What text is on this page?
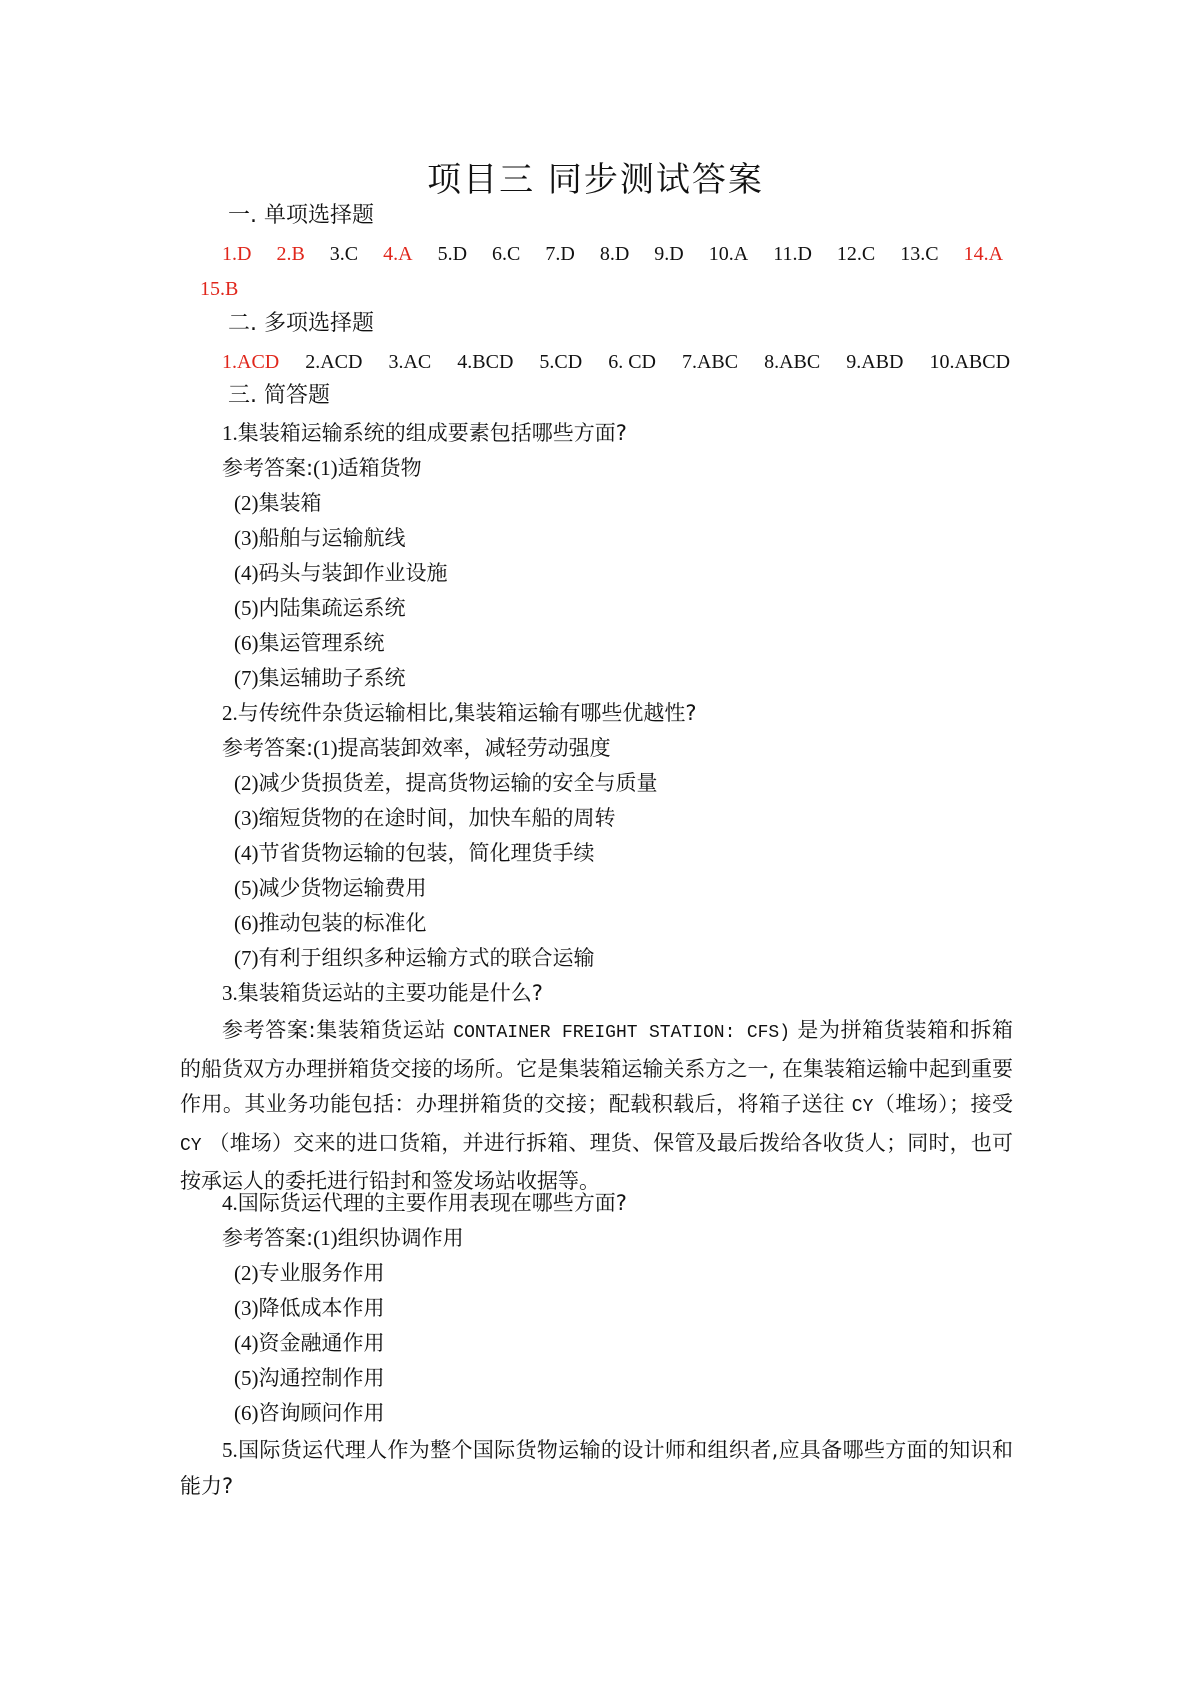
项目三 同步测试答案
一. 单项选择题
1.D 2.B 3.C 4.A 5.D 6.C 7.D 8.D 9.D 10.A 11.D 12.C 13.C 14.A
15.B
二. 多项选择题
1.ACD 2.ACD 3.AC 4.BCD 5.CD 6. CD 7.ABC 8.ABC 9.ABD 10.ABCD
三. 简答题
1.集装箱运输系统的组成要素包括哪些方面?
参考答案:(1)适箱货物
(2)集装箱
(3)船舶与运输航线
(4)码头与装卸作业设施
(5)内陆集疏运系统
(6)集运管理系统
(7)集运辅助子系统
2.与传统件杂货运输相比,集装箱运输有哪些优越性?
参考答案:(1)提高装卸效率，减轻劳动强度
(2)减少货损货差，提高货物运输的安全与质量
(3)缩短货物的在途时间，加快车船的周转
(4)节省货物运输的包装，简化理货手续
(5)减少货物运输费用
(6)推动包装的标准化
(7)有利于组织多种运输方式的联合运输
3.集装箱货运站的主要功能是什么?
参考答案:集装箱货运站 CONTAINER FREIGHT STATION: CFS) 是为拼箱货装箱和拆箱的船货双方办理拼箱货交接的场所。它是集装箱运输关系方之一, 在集装箱运输中起到重要作用。其业务功能包括：办理拼箱货的交接；配载积载后，将箱子送往 CY（堆场）；接受 CY （堆场）交来的进口货箱，并进行拆箱、理货、保管及最后拨给各收货人；同时，也可按承运人的委托进行铅封和签发场站收据等。
4.国际货运代理的主要作用表现在哪些方面?
参考答案:(1)组织协调作用
(2)专业服务作用
(3)降低成本作用
(4)资金融通作用
(5)沟通控制作用
(6)咨询顾问作用
5.国际货运代理人作为整个国际货物运输的设计师和组织者,应具备哪些方面的知识和能力?
